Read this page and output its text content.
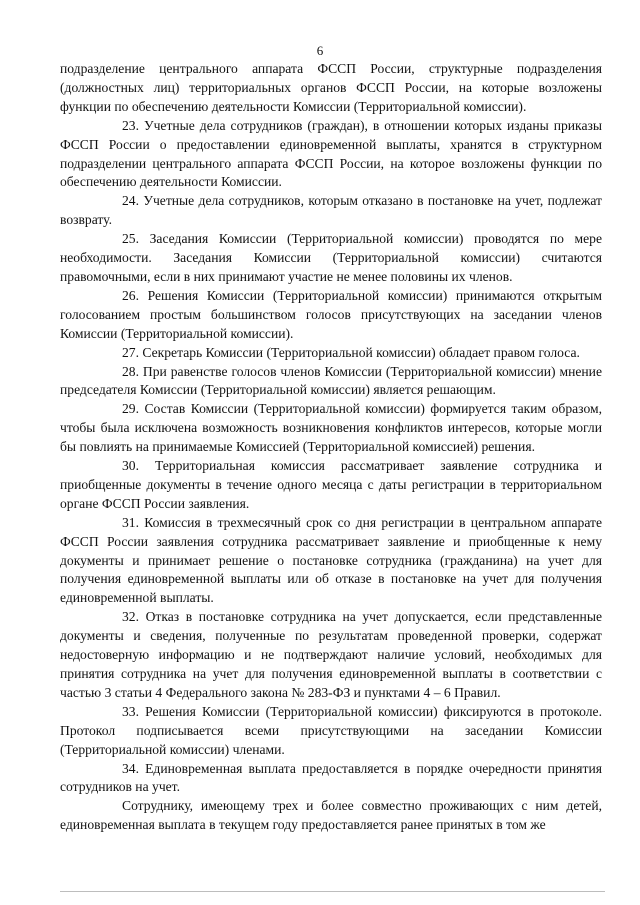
6

подразделение центрального аппарата ФССП России, структурные подразделения (должностных лиц) территориальных органов ФССП России, на которые возложены функции по обеспечению деятельности Комиссии (Территориальной комиссии).

23. Учетные дела сотрудников (граждан), в отношении которых изданы приказы ФССП России о предоставлении единовременной выплаты, хранятся в структурном подразделении центрального аппарата ФССП России, на которое возложены функции по обеспечению деятельности Комиссии.

24. Учетные дела сотрудников, которым отказано в постановке на учет, подлежат возврату.

25. Заседания Комиссии (Территориальной комиссии) проводятся по мере необходимости. Заседания Комиссии (Территориальной комиссии) считаются правомочными, если в них принимают участие не менее половины их членов.

26. Решения Комиссии (Территориальной комиссии) принимаются открытым голосованием простым большинством голосов присутствующих на заседании членов Комиссии (Территориальной комиссии).

27. Секретарь Комиссии (Территориальной комиссии) обладает правом голоса.

28. При равенстве голосов членов Комиссии (Территориальной комиссии) мнение председателя Комиссии (Территориальной комиссии) является решающим.

29. Состав Комиссии (Территориальной комиссии) формируется таким образом, чтобы была исключена возможность возникновения конфликтов интересов, которые могли бы повлиять на принимаемые Комиссией (Территориальной комиссией) решения.

30. Территориальная комиссия рассматривает заявление сотрудника и приобщенные документы в течение одного месяца с даты регистрации в территориальном органе ФССП России заявления.

31. Комиссия в трехмесячный срок со дня регистрации в центральном аппарате ФССП России заявления сотрудника рассматривает заявление и приобщенные к нему документы и принимает решение о постановке сотрудника (гражданина) на учет для получения единовременной выплаты или об отказе в постановке на учет для получения единовременной выплаты.

32. Отказ в постановке сотрудника на учет допускается, если представленные документы и сведения, полученные по результатам проведенной проверки, содержат недостоверную информацию и не подтверждают наличие условий, необходимых для принятия сотрудника на учет для получения единовременной выплаты в соответствии с частью 3 статьи 4 Федерального закона № 283-ФЗ и пунктами 4 – 6 Правил.

33. Решения Комиссии (Территориальной комиссии) фиксируются в протоколе. Протокол подписывается всеми присутствующими на заседании Комиссии (Территориальной комиссии) членами.

34. Единовременная выплата предоставляется в порядке очередности принятия сотрудников на учет.

Сотруднику, имеющему трех и более совместно проживающих с ним детей, единовременная выплата в текущем году предоставляется ранее принятых в том же
